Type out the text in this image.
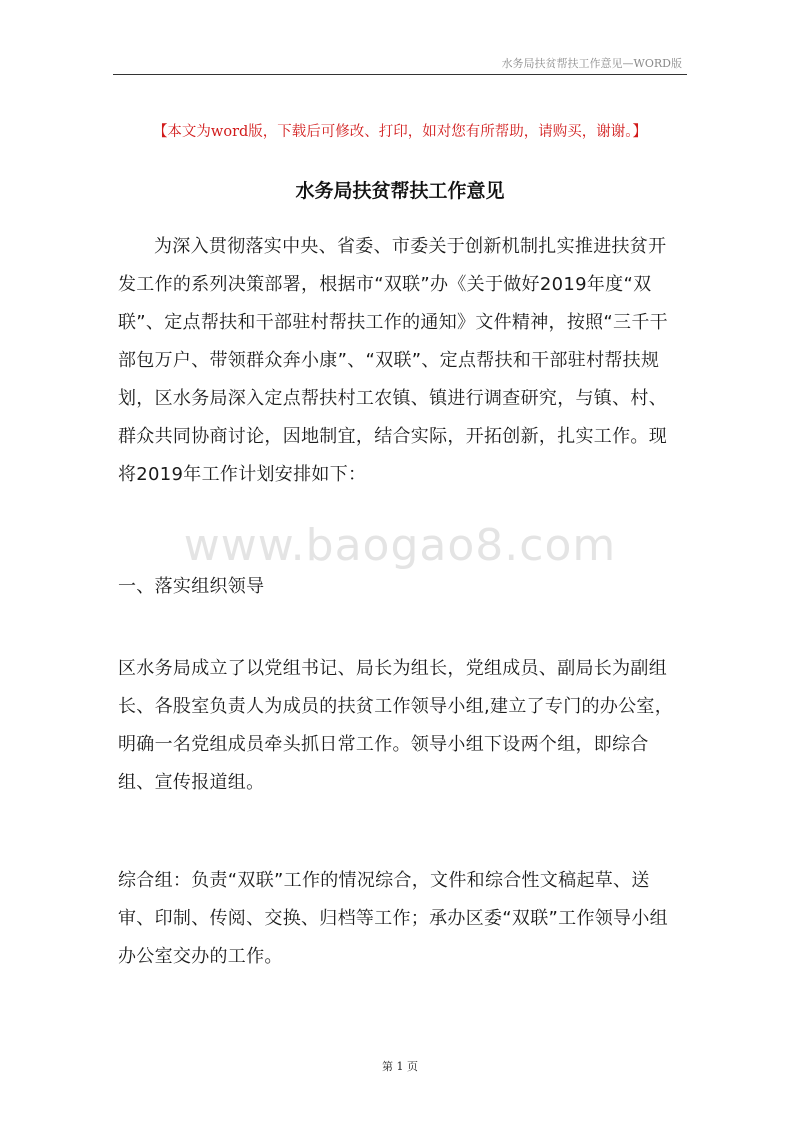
水务局扶贫帮扶工作意见—WORD版
【本文为word版，下载后可修改、打印，如对您有所帮助，请购买，谢谢。】
水务局扶贫帮扶工作意见

为深入贯彻落实中央、省委、市委关于创新机制扎实推进扶贫开发工作的系列决策部署，根据市“双联”办《关于做好2019年度“双联”、定点帮扶和干部驻村帮扶工作的通知》文件精神，按照“三千干部包万户、带领群众奔小康”、“双联”、定点帮扶和干部驻村帮扶规划，区水务局深入定点帮扶村工农镇、镇进行调查研究，与镇、村、群众共同协商讨论，因地制宜，结合实际，开拓创新，扎实工作。现将2019年工作计划安排如下：

www.baogao8.com

一、落实组织领导

区水务局成立了以党组书记、局长为组长，党组成员、副局长为副组长、各股室负责人为成员的扶贫工作领导小组,建立了专门的办公室，明确一名党组成员牵头抓日常工作。领导小组下设两个组，即综合组、宣传报道组。

综合组：负责“双联”工作的情况综合，文件和综合性文稿起草、送审、印制、传阅、交换、归档等工作；承办区委“双联”工作领导小组办公室交办的工作。

第 1 页
